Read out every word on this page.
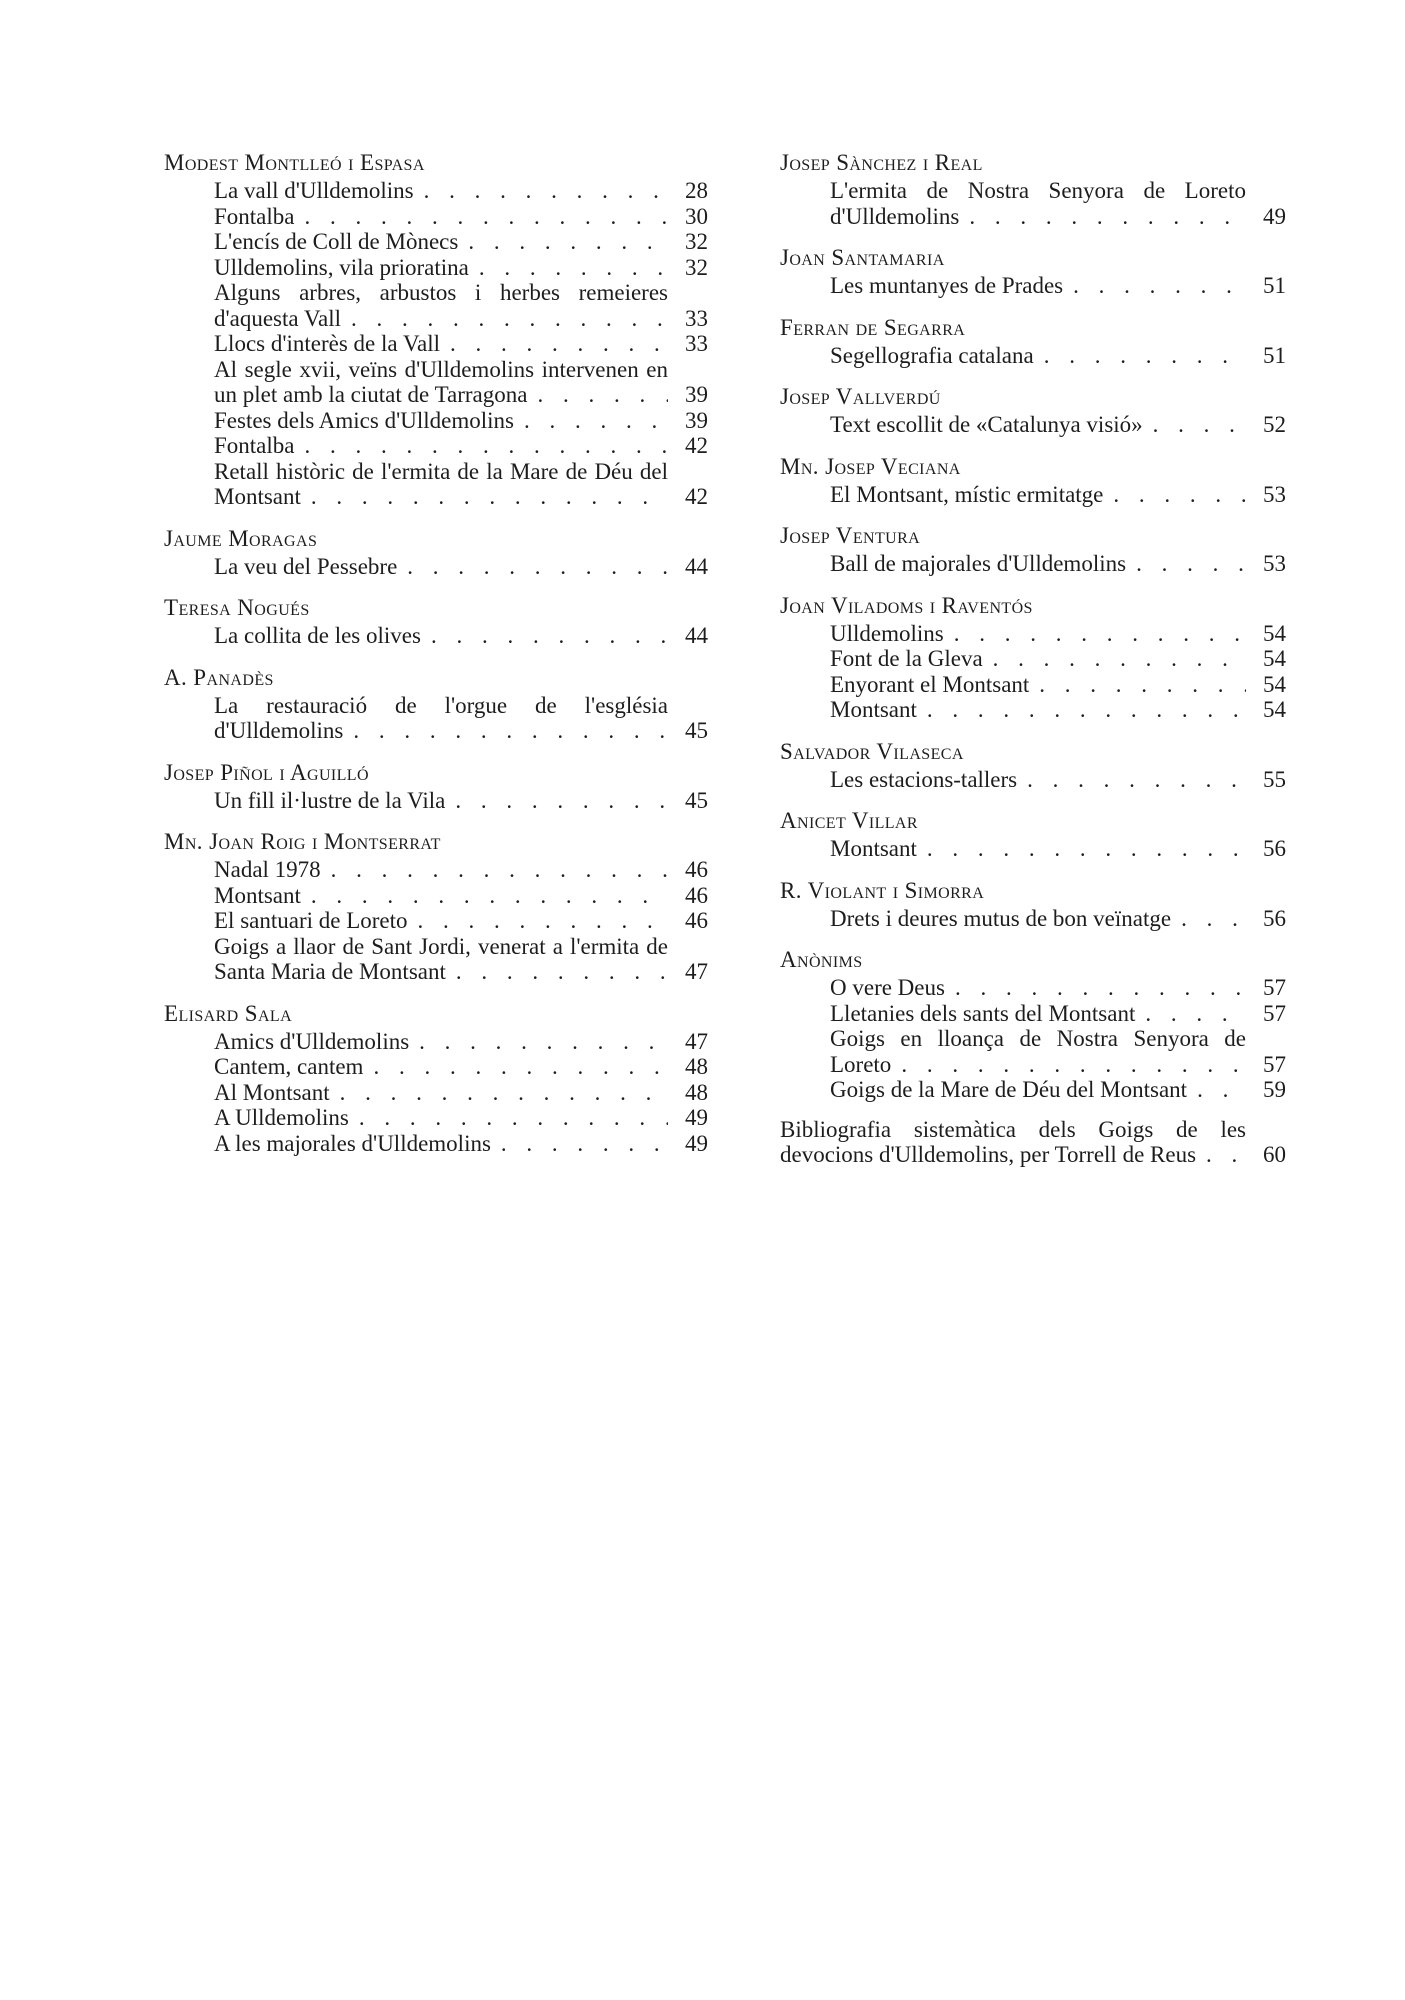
Modest Montlleó i Espasa
La vall d'Ulldemolins . . .	28
Fontalba . . .	30
L'encís de Coll de Mònecs . . .	32
Ulldemolins, vila prioratina . . .	32
Alguns arbres, arbustos i herbes remeieres d'aquesta Vall . . .	33
Llocs d'interès de la Vall . . .	33
Al segle xvii, veïns d'Ulldemolins intervenen en un plet amb la ciutat de Tarragona . . .	39
Festes dels Amics d'Ulldemolins . . .	39
Fontalba . . .	42
Retall històric de l'ermita de la Mare de Déu del Montsant . . .	42
Jaume Moragas
La veu del Pessebre . . .	44
Teresa Nogués
La collita de les olives . . .	44
A. Panadès
La restauració de l'orgue de l'església d'Ulldemolins . . .	45
Josep Piñol i Aguilló
Un fill il·lustre de la Vila . . .	45
Mn. Joan Roig i Montserrat
Nadal 1978 . . .	46
Montsant . . .	46
El santuari de Loreto . . .	46
Goigs a llaor de Sant Jordi, venerat a l'ermita de Santa Maria de Montsant . . .	47
Elisard Sala
Amics d'Ulldemolins . . .	47
Cantem, cantem . . .	48
Al Montsant . . .	48
A Ulldemolins . . .	49
A les majorales d'Ulldemolins . . .	49
Josep Sànchez i Real
L'ermita de Nostra Senyora de Loreto d'Ulldemolins . . .	49
Joan Santamaria
Les muntanyes de Prades . . .	51
Ferran de Segarra
Segellografia catalana . . .	51
Josep Vallverdú
Text escollit de «Catalunya visió» . . .	52
Mn. Josep Veciana
El Montsant, místic ermitatge . . .	53
Josep Ventura
Ball de majorales d'Ulldemolins . . .	53
Joan Viladoms i Raventós
Ulldemolins . . .	54
Font de la Gleva . . .	54
Enyorant el Montsant . . .	54
Montsant . . .	54
Salvador Vilaseca
Les estacions-tallers . . .	55
Anicet Villar
Montsant . . .	56
R. Violant i Simorra
Drets i deures mutus de bon veïnatge . . .	56
Anònims
O vere Deus . . .	57
Lletanies dels sants del Montsant . . .	57
Goigs en lloança de Nostra Senyora de Loreto . . .	57
Goigs de la Mare de Déu del Montsant . . .	59
Bibliografia sistemàtica dels Goigs de les devocions d'Ulldemolins, per Torrell de Reus . . .	60
